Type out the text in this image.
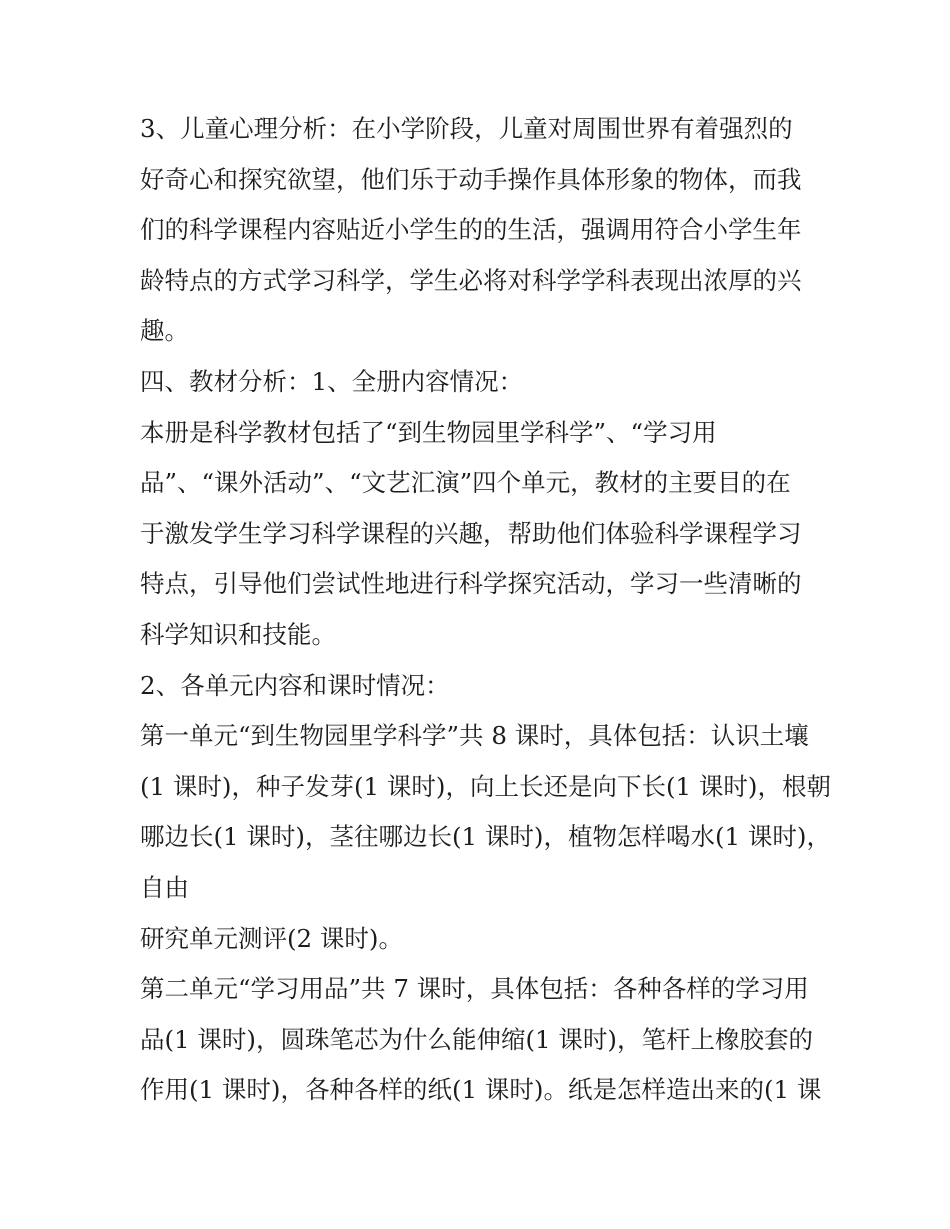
3、儿童心理分析：在小学阶段，儿童对周围世界有着强烈的

好奇心和探究欲望，他们乐于动手操作具体形象的物体，而我

们的科学课程内容贴近小学生的的生活，强调用符合小学生年

龄特点的方式学习科学，学生必将对科学学科表现出浓厚的兴

趣。

四、教材分析：1、全册内容情况：

本册是科学教材包括了“到生物园里学科学”、“学习用

品”、“课外活动”、“文艺汇演”四个单元，教材的主要目的在

于激发学生学习科学课程的兴趣，帮助他们体验科学课程学习

特点，引导他们尝试性地进行科学探究活动，学习一些清晰的

科学知识和技能。

2、各单元内容和课时情况：

第一单元“到生物园里学科学”共 8 课时，具体包括：认识土壤

(1 课时)，种子发芽(1 课时)，向上长还是向下长(1 课时)，根朝

哪边长(1 课时)，茎往哪边长(1 课时)，植物怎样喝水(1 课时)，

自由

研究单元测评(2 课时)。

第二单元“学习用品”共 7 课时，具体包括：各种各样的学习用

品(1 课时)，圆珠笔芯为什么能伸缩(1 课时)，笔杆上橡胶套的

作用(1 课时)，各种各样的纸(1 课时)。纸是怎样造出来的(1 课
